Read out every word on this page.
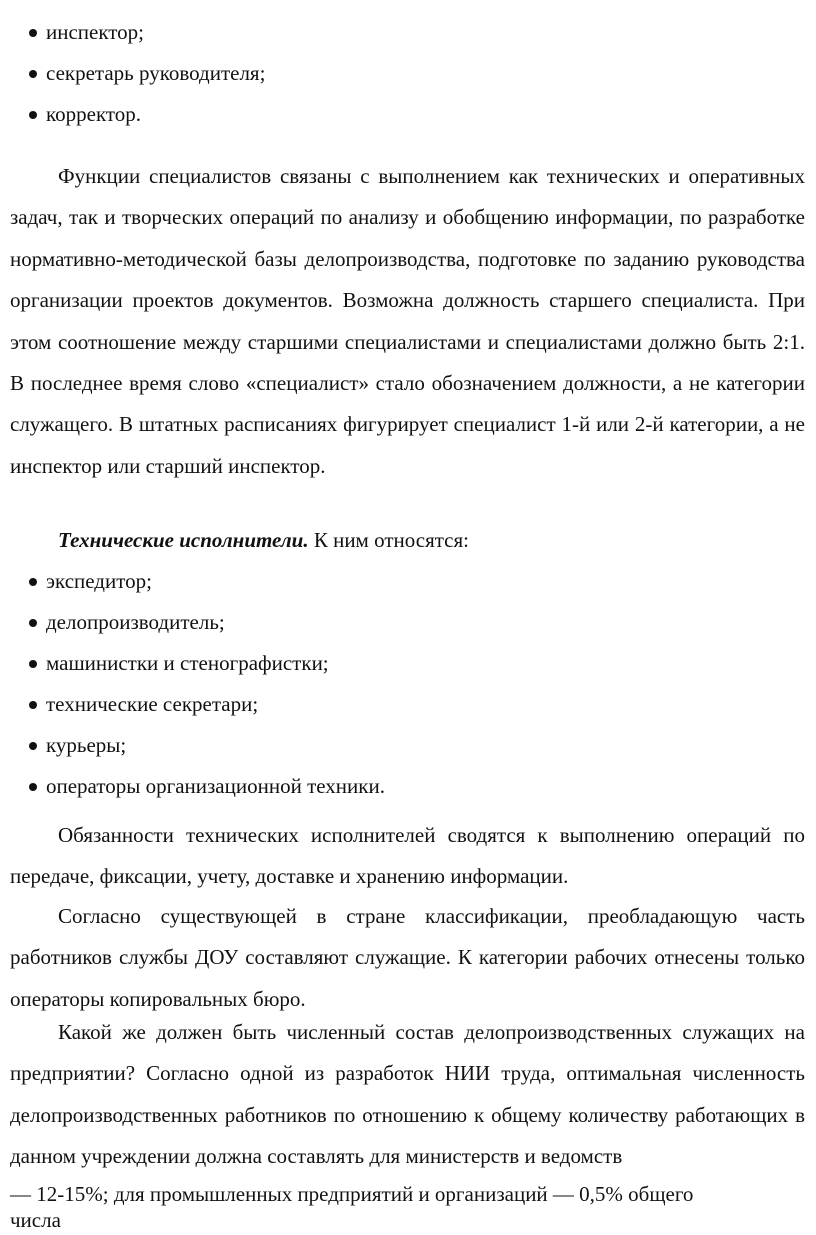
инспектор;
секретарь руководителя;
корректор.

Функции специалистов связаны с выполнением как технических и оперативных задач, так и творческих операций по анализу и обобщению информации, по разработке нормативно-методической базы делопроизводства, подготовке по заданию руководства организации проектов документов. Возможна должность старшего специалиста. При этом соотношение между старшими специалистами и специалистами должно быть 2:1. В последнее время слово «специалист» стало обозначением должности, а не категории служащего. В штатных расписаниях фигурирует специалист 1-й или 2-й категории, а не инспектор или старший инспектор.

Технические исполнители. К ним относятся:

экспедитор;
делопроизводитель;
машинистки и стенографистки;
технические секретари;
курьеры;
операторы организационной техники.

Обязанности технических исполнителей сводятся к выполнению операций по передаче, фиксации, учету, доставке и хранению информации.

Согласно существующей в стране классификации, преобладающую часть работников службы ДОУ составляют служащие. К категории рабочих отнесены только операторы копировальных бюро.

Какой же должен быть численный состав делопроизводственных служащих на предприятии? Согласно одной из разработок НИИ труда, оптимальная численность делопроизводственных работников по отношению к общему количеству работающих в данном учреждении должна составлять для министерств и ведомств

— 12-15%; для промышленных предприятий и организаций — 0,5% общего
числа
